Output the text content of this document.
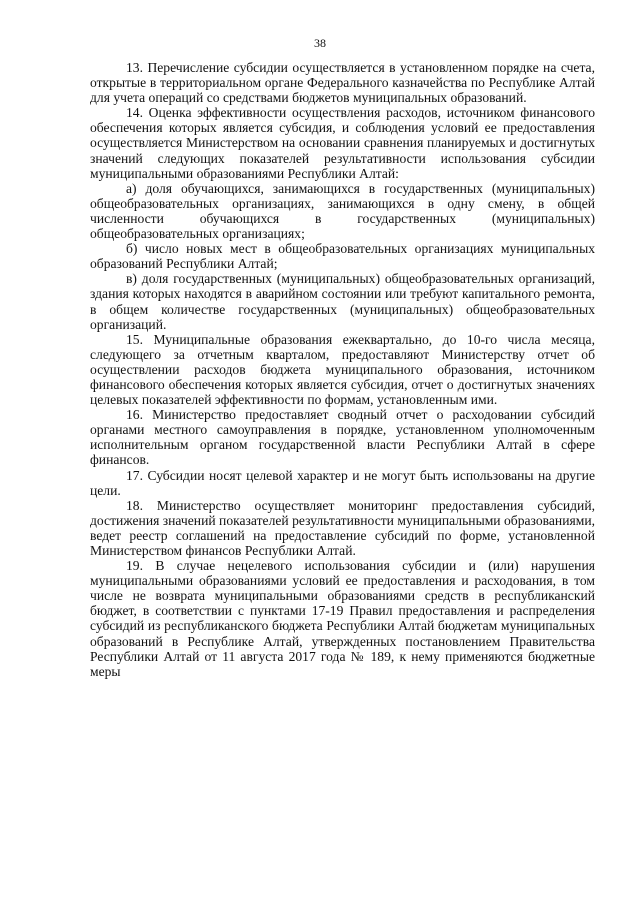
38

13. Перечисление субсидии осуществляется в установленном порядке на счета, открытые в территориальном органе Федерального казначейства по Республике Алтай для учета операций со средствами бюджетов муниципальных образований.

14. Оценка эффективности осуществления расходов, источником финансового обеспечения которых является субсидия, и соблюдения условий ее предоставления осуществляется Министерством на основании сравнения планируемых и достигнутых значений следующих показателей результативности использования субсидии муниципальными образованиями Республики Алтай:

а) доля обучающихся, занимающихся в государственных (муниципальных) общеобразовательных организациях, занимающихся в одну смену, в общей численности обучающихся в государственных (муниципальных) общеобразовательных организациях;

б) число новых мест в общеобразовательных организациях муниципальных образований Республики Алтай;

в) доля государственных (муниципальных) общеобразовательных организаций, здания которых находятся в аварийном состоянии или требуют капитального ремонта, в общем количестве государственных (муниципальных) общеобразовательных организаций.

15. Муниципальные образования ежеквартально, до 10-го числа месяца, следующего за отчетным кварталом, предоставляют Министерству отчет об осуществлении расходов бюджета муниципального образования, источником финансового обеспечения которых является субсидия, отчет о достигнутых значениях целевых показателей эффективности по формам, установленным ими.

16. Министерство предоставляет сводный отчет о расходовании субсидий органами местного самоуправления в порядке, установленном уполномоченным исполнительным органом государственной власти Республики Алтай в сфере финансов.

17. Субсидии носят целевой характер и не могут быть использованы на другие цели.

18. Министерство осуществляет мониторинг предоставления субсидий, достижения значений показателей результативности муниципальными образованиями, ведет реестр соглашений на предоставление субсидий по форме, установленной Министерством финансов Республики Алтай.

19. В случае нецелевого использования субсидии и (или) нарушения муниципальными образованиями условий ее предоставления и расходования, в том числе не возврата муниципальными образованиями средств в республиканский бюджет, в соответствии с пунктами 17-19 Правил предоставления и распределения субсидий из республиканского бюджета Республики Алтай бюджетам муниципальных образований в Республике Алтай, утвержденных постановлением Правительства Республики Алтай от 11 августа 2017 года № 189, к нему применяются бюджетные меры
